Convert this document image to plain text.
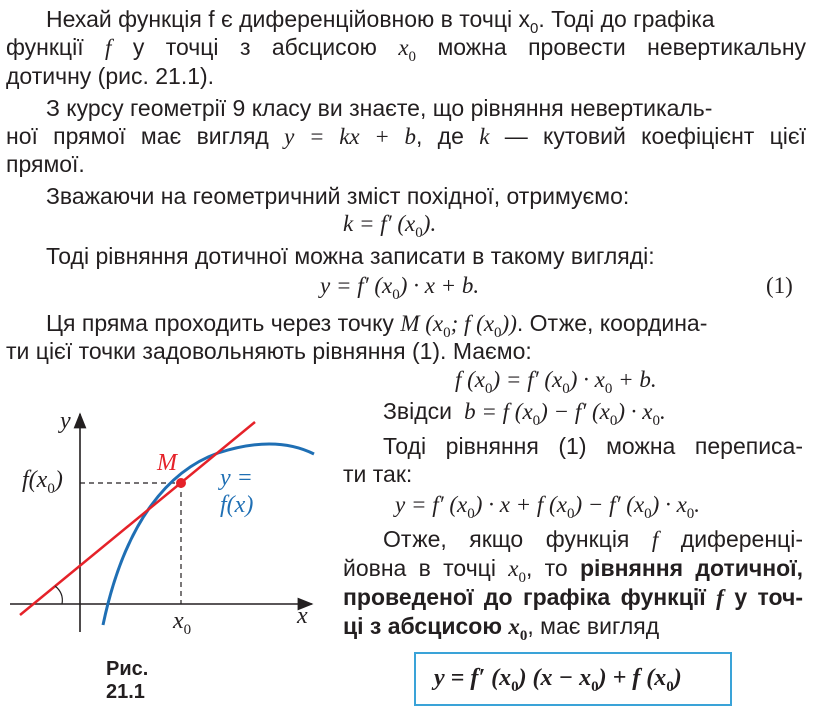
Нехай функція f є диференційовною в точці $x_0$. Тоді до графіка
функції f у точці з абсцисою $x_0$ можна провести невертикальну
дотичну (рис. 21.1).
З курсу геометрії 9 класу ви знаєте, що рівняння невертикаль-
ної прямої має вигляд y = kx + b, де k — кутовий коефіцієнт цієї
прямої.
Зважаючи на геометричний зміст похідної, отримуємо:
k = f′ $(x_0)$.
Тоді рівняння дотичної можна записати в такому вигляді:
y = f′ $(x_0) \cdot x + b$.	(1)
Ця пряма проходить через точку M ($x_0$; f $(x_0)$). Отже, координа-
ти цієї точки задовольняють рівняння (1). Маємо:
f $(x_0) = f'$ $(x_0) \cdot x_0 + b$.
Звідси  b = f $(x_0) - f'$ $(x_0) \cdot x_0$.
Тоді рівняння (1) можна переписа-
ти так:
y = f′ $(x_0) \cdot x + f$ $(x_0) - f'$ $(x_0) \cdot x_0$.
Отже, якщо функція f диференці-
йовна в точці $x_0$, то рівняння дотичної,
проведеної до графіка функції f у точ-
ці з абсцисою $x_0$, має вигляд
y = f′ $(x_0) (x - x_0) + f$ $(x_0)$
y
x
M
$f(x_0)$
$x_0$
y = f(x)
Рис. 21.1
